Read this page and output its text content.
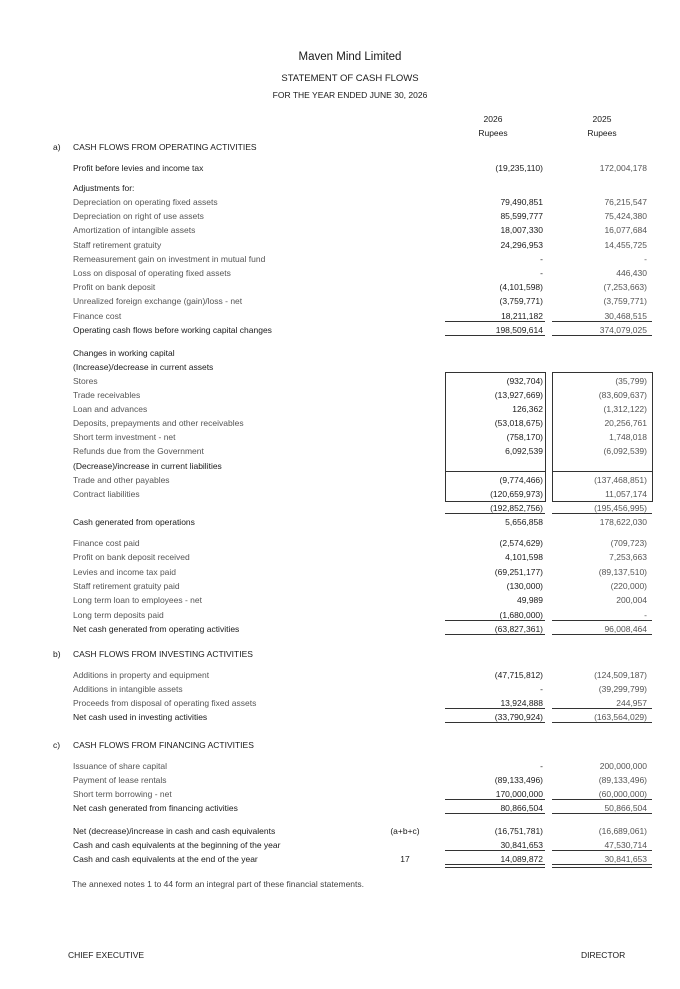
Maven Mind Limited
STATEMENT OF CASH FLOWS
FOR THE YEAR ENDED JUNE 30, 2026
2026	2025
Rupees	Rupees
a) CASH FLOWS FROM OPERATING ACTIVITIES
Profit before levies and income tax	(19,235,110)	172,004,178
Adjustments for:
Depreciation on operating fixed assets	79,490,851	76,215,547
Depreciation on right of use assets	85,599,777	75,424,380
Amortization of intangible assets	18,007,330	16,077,684
Staff retirement gratuity	24,296,953	14,455,725
Remeasurement gain on investment in mutual fund	-	-
Loss on disposal of operating fixed assets	-	446,430
Profit on bank deposit	(4,101,598)	(7,253,663)
Unrealized foreign exchange (gain)/loss - net	(3,759,771)	(3,759,771)
Finance cost	18,211,182	30,468,515
Operating cash flows before working capital changes	198,509,614	374,079,025
Changes in working capital
(Increase)/decrease in current assets
Stores	(932,704)	(35,799)
Trade receivables	(13,927,669)	(83,609,637)
Loan and advances	126,362	(1,312,122)
Deposits, prepayments and other receivables	(53,018,675)	20,256,761
Short term investment - net	(758,170)	1,748,018
Refunds due from the Government	6,092,539	(6,092,539)
(Decrease)/increase in current liabilities
Trade and other payables	(9,774,466)	(137,468,851)
Contract liabilities	(120,659,973)	11,057,174
(192,852,756)	(195,456,995)
Cash generated from operations	5,656,858	178,622,030
Finance cost paid	(2,574,629)	(709,723)
Profit on bank deposit received	4,101,598	7,253,663
Levies and income tax paid	(69,251,177)	(89,137,510)
Staff retirement gratuity paid	(130,000)	(220,000)
Long term loan to employees - net	49,989	200,004
Long term deposits paid	(1,680,000)	-
Net cash generated from operating activities	(63,827,361)	96,008,464
b) CASH FLOWS FROM INVESTING ACTIVITIES
Additions in property and equipment	(47,715,812)	(124,509,187)
Additions in intangible assets	-	(39,299,799)
Proceeds from disposal of operating fixed assets	13,924,888	244,957
Net cash used in investing activities	(33,790,924)	(163,564,029)
c) CASH FLOWS FROM FINANCING ACTIVITIES
Issuance of share capital	-	200,000,000
Payment of lease rentals	(89,133,496)	(89,133,496)
Short term borrowing - net	170,000,000	(60,000,000)
Net cash generated from financing activities	80,866,504	50,866,504
Net (decrease)/increase in cash and cash equivalents	(a+b+c)	(16,751,781)	(16,689,061)
Cash and cash equivalents at the beginning of the year	30,841,653	47,530,714
Cash and cash equivalents at the end of the year	17	14,089,872	30,841,653
The annexed notes 1 to 44 form an integral part of these financial statements.
CHIEF EXECUTIVE	DIRECTOR
